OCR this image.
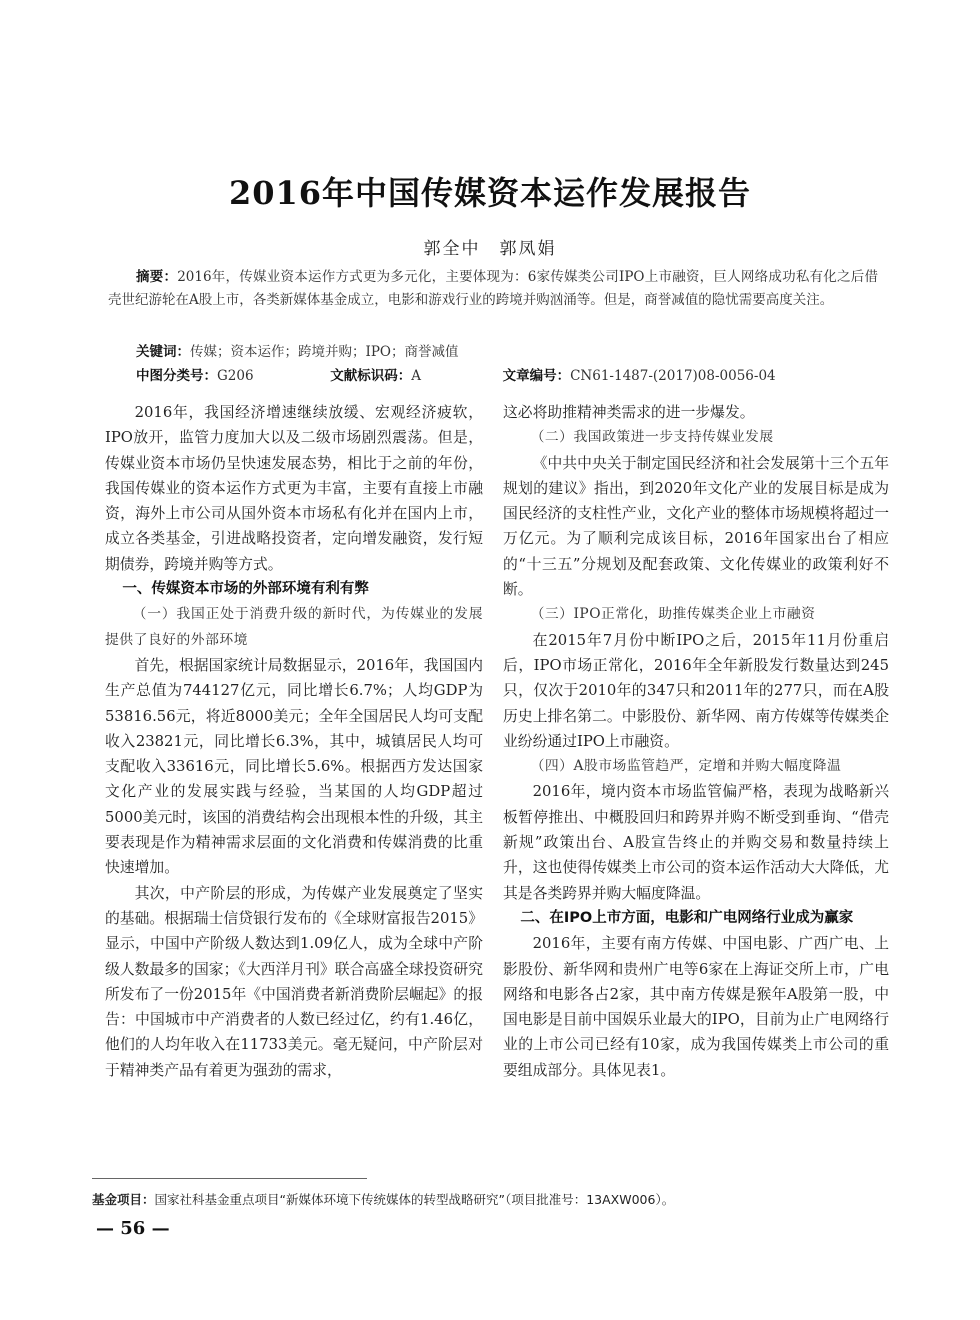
2016年中国传媒资本运作发展报告
郭全中　郭凤娟
摘要：2016年，传媒业资本运作方式更为多元化，主要体现为：6家传媒类公司IPO上市融资，巨人网络成功私有化之后借壳世纪游轮在A股上市，各类新媒体基金成立，电影和游戏行业的跨境并购汹涌等。但是，商誉减值的隐忧需要高度关注。
关键词：传媒；资本运作；跨境并购；IPO；商誉减值
中图分类号：G206	文献标识码：A	文章编号：CN61-1487-(2017)08-0056-04

2016年，我国经济增速继续放缓、宏观经济疲软，IPO放开，监管力度加大以及二级市场剧烈震荡。但是，传媒业资本市场仍呈快速发展态势，相比于之前的年份，我国传媒业的资本运作方式更为丰富，主要有直接上市融资，海外上市公司从国外资本市场私有化并在国内上市，成立各类基金，引进战略投资者，定向增发融资，发行短期债券，跨境并购等方式。

一、传媒资本市场的外部环境有利有弊

（一）我国正处于消费升级的新时代，为传媒业的发展提供了良好的外部环境

首先，根据国家统计局数据显示，2016年，我国国内生产总值为744127亿元，同比增长6.7%；人均GDP为53816.56元，将近8000美元；全年全国居民人均可支配收入23821元，同比增长6.3%，其中，城镇居民人均可支配收入33616元，同比增长5.6%。根据西方发达国家文化产业的发展实践与经验，当某国的人均GDP超过5000美元时，该国的消费结构会出现根本性的升级，其主要表现是作为精神需求层面的文化消费和传媒消费的比重快速增加。

其次，中产阶层的形成，为传媒产业发展奠定了坚实的基础。根据瑞士信贷银行发布的《全球财富报告2015》显示，中国中产阶级人数达到1.09亿人，成为全球中产阶级人数最多的国家；《大西洋月刊》联合高盛全球投资研究所发布了一份2015年《中国消费者新消费阶层崛起》的报告：中国城市中产消费者的人数已经过亿，约有1.46亿，他们的人均年收入在11733美元。毫无疑问，中产阶层对于精神类产品有着更为强劲的需求，

这必将助推精神类需求的进一步爆发。

（二）我国政策进一步支持传媒业发展

《中共中央关于制定国民经济和社会发展第十三个五年规划的建议》指出，到2020年文化产业的发展目标是成为国民经济的支柱性产业，文化产业的整体市场规模将超过一万亿元。为了顺利完成该目标，2016年国家出台了相应的“十三五”分规划及配套政策、文化传媒业的政策利好不断。

（三）IPO正常化，助推传媒类企业上市融资

在2015年7月份中断IPO之后，2015年11月份重启后，IPO市场正常化，2016年全年新股发行数量达到245只，仅次于2010年的347只和2011年的277只，而在A股历史上排名第二。中影股份、新华网、南方传媒等传媒类企业纷纷通过IPO上市融资。

（四）A股市场监管趋严，定增和并购大幅度降温

2016年，境内资本市场监管偏严格，表现为战略新兴板暂停推出、中概股回归和跨界并购不断受到垂询、“借壳新规”政策出台、A股宣告终止的并购交易和数量持续上升，这也使得传媒类上市公司的资本运作活动大大降低，尤其是各类跨界并购大幅度降温。

二、在IPO上市方面，电影和广电网络行业成为赢家

2016年，主要有南方传媒、中国电影、广西广电、上影股份、新华网和贵州广电等6家在上海证交所上市，广电网络和电影各占2家，其中南方传媒是猴年A股第一股，中国电影是目前中国娱乐业最大的IPO，目前为止广电网络行业的上市公司已经有10家，成为我国传媒类上市公司的重要组成部分。具体见表1。

基金项目：国家社科基金重点项目“新媒体环境下传统媒体的转型战略研究”（项目批准号：13AXW006）。
— 56 —
